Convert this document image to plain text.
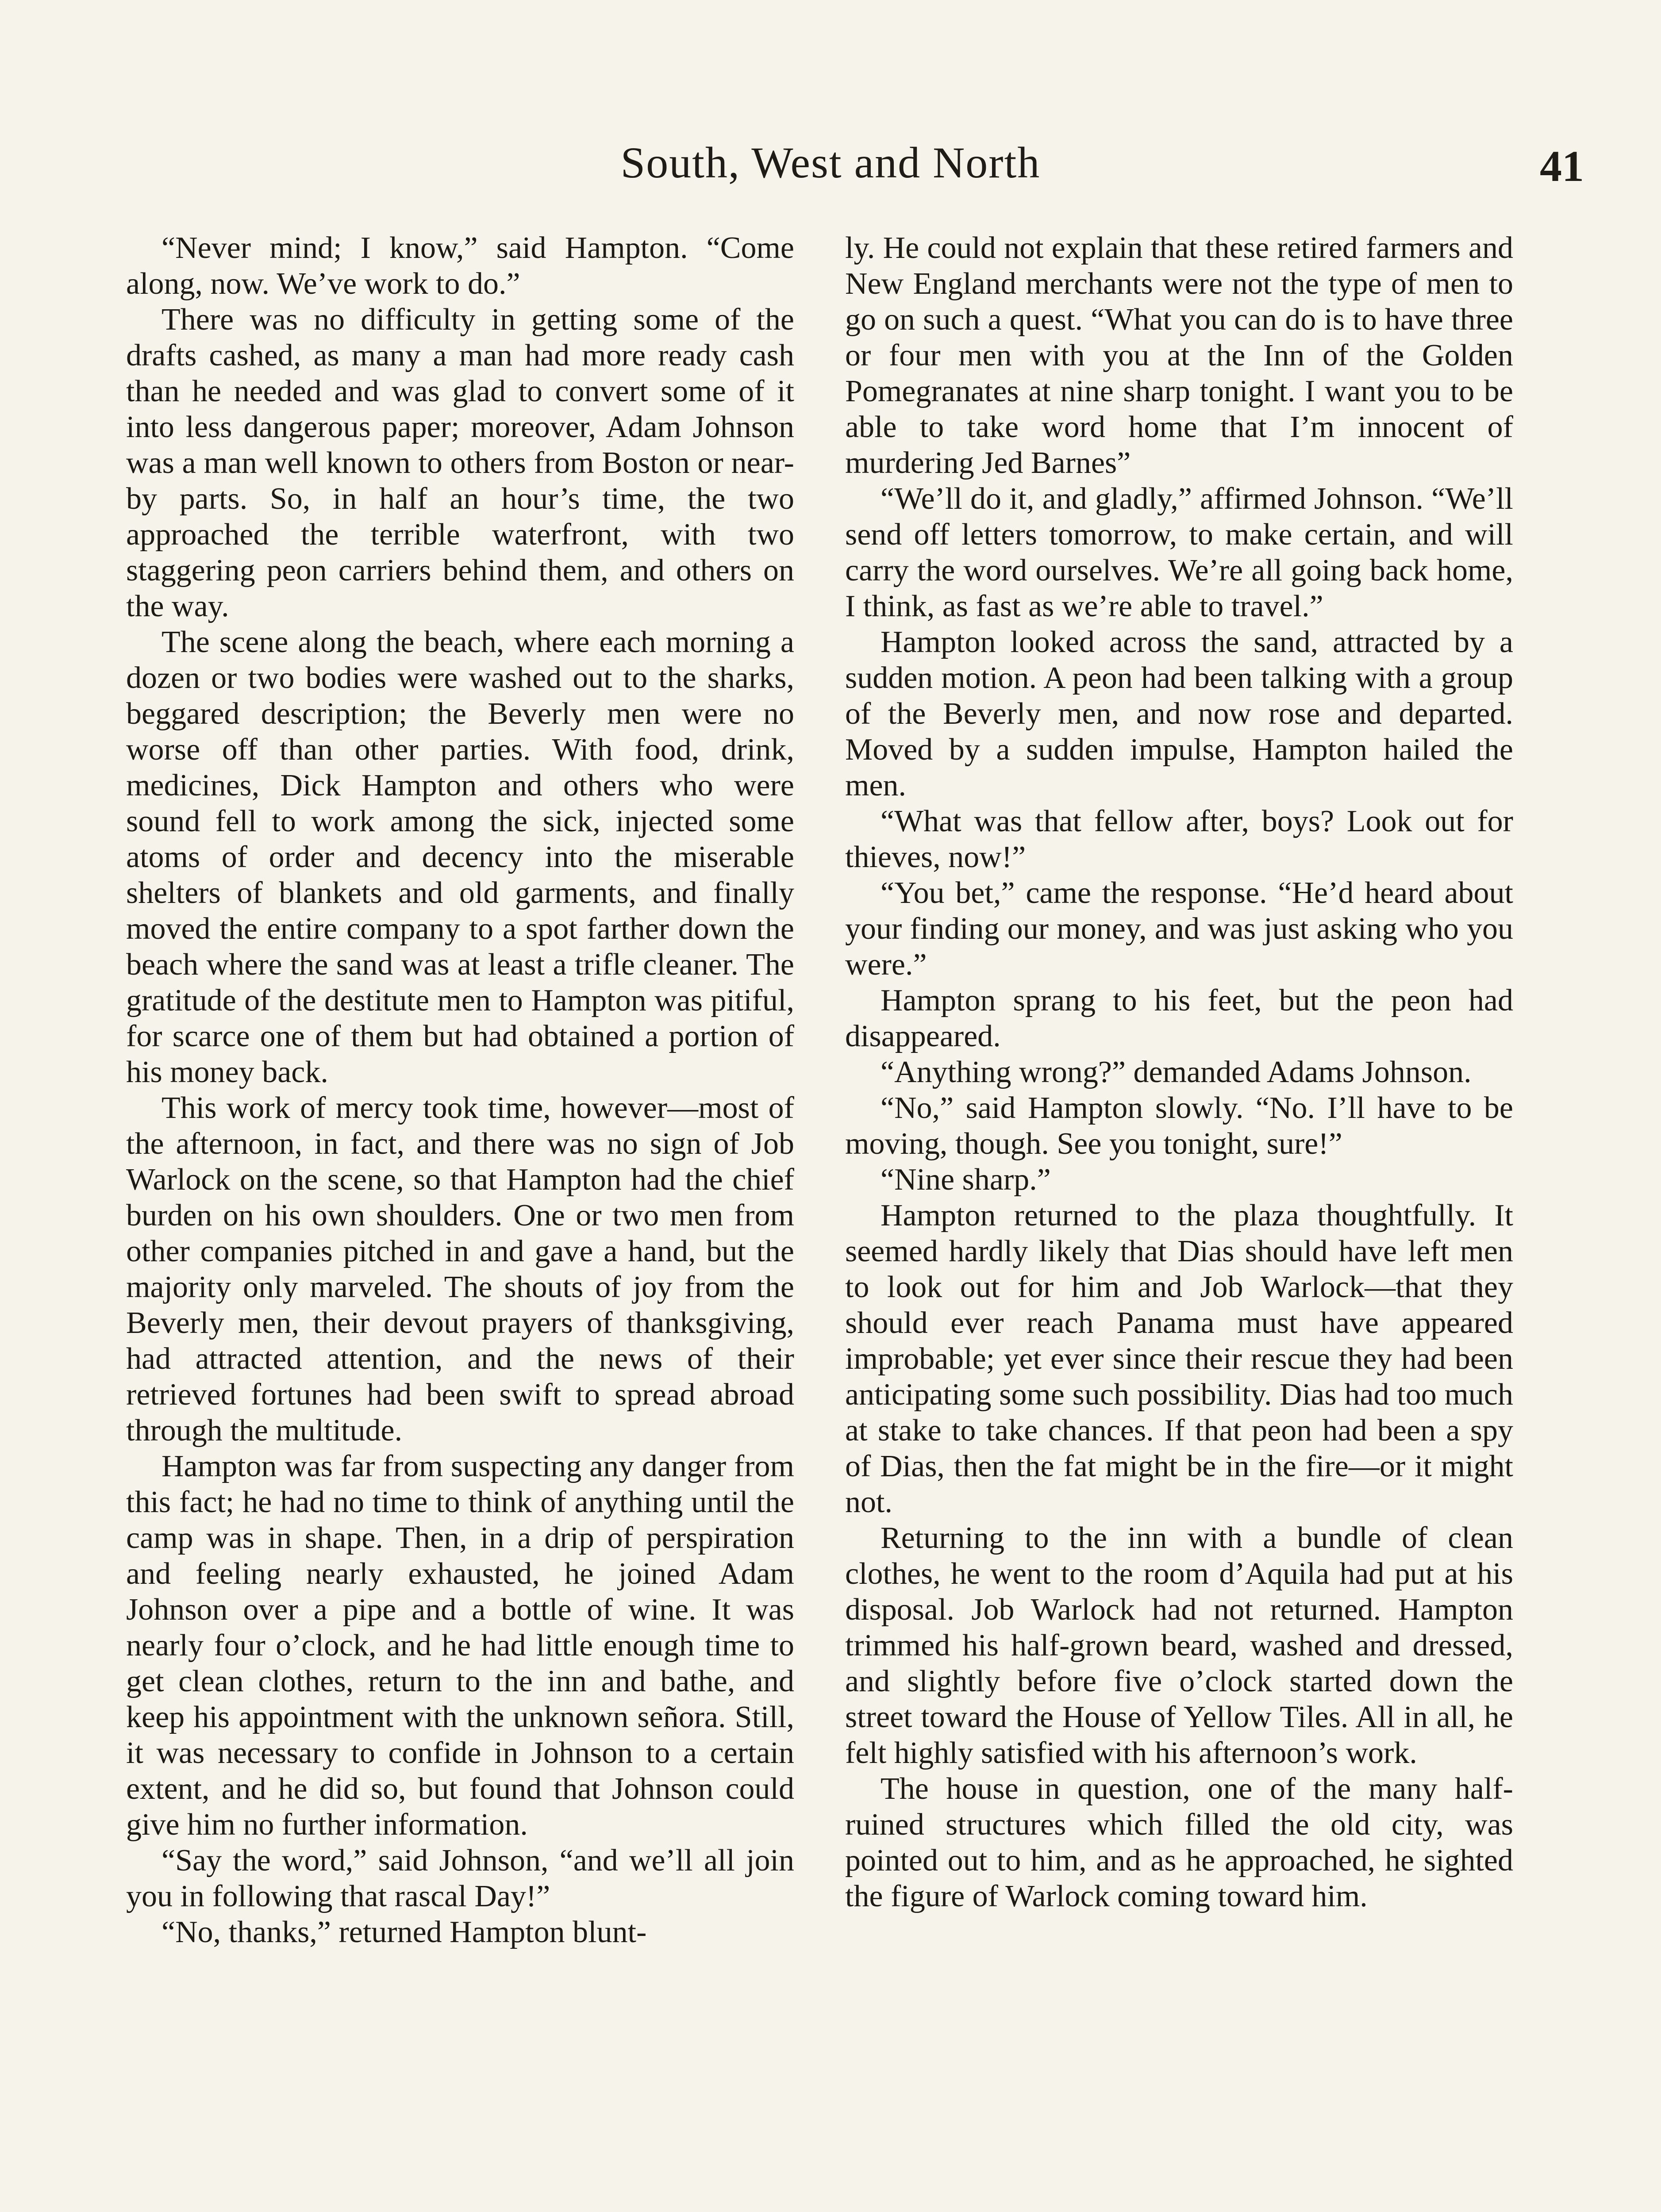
South, West and North	41

“Never mind; I know,” said Hampton. “Come along, now. We’ve work to do.”

There was no difficulty in getting some of the drafts cashed, as many a man had more ready cash than he needed and was glad to convert some of it into less dangerous paper; moreover, Adam Johnson was a man well known to others from Boston or near-by parts. So, in half an hour’s time, the two approached the terrible waterfront, with two staggering peon carriers behind them, and others on the way.

The scene along the beach, where each morning a dozen or two bodies were washed out to the sharks, beggared description; the Beverly men were no worse off than other parties. With food, drink, medicines, Dick Hampton and others who were sound fell to work among the sick, injected some atoms of order and decency into the miserable shelters of blankets and old garments, and finally moved the entire company to a spot farther down the beach where the sand was at least a trifle cleaner. The gratitude of the destitute men to Hampton was pitiful, for scarce one of them but had obtained a portion of his money back.

This work of mercy took time, however—most of the afternoon, in fact, and there was no sign of Job Warlock on the scene, so that Hampton had the chief burden on his own shoulders. One or two men from other companies pitched in and gave a hand, but the majority only marveled. The shouts of joy from the Beverly men, their devout prayers of thanksgiving, had attracted attention, and the news of their retrieved fortunes had been swift to spread abroad through the multitude.

Hampton was far from suspecting any danger from this fact; he had no time to think of anything until the camp was in shape. Then, in a drip of perspiration and feeling nearly exhausted, he joined Adam Johnson over a pipe and a bottle of wine. It was nearly four o’clock, and he had little enough time to get clean clothes, return to the inn and bathe, and keep his appointment with the unknown señora. Still, it was necessary to confide in Johnson to a certain extent, and he did so, but found that Johnson could give him no further information.

“Say the word,” said Johnson, “and we’ll all join you in following that rascal Day!”

“No, thanks,” returned Hampton blunt-

ly. He could not explain that these retired farmers and New England merchants were not the type of men to go on such a quest. “What you can do is to have three or four men with you at the Inn of the Golden Pomegranates at nine sharp tonight. I want you to be able to take word home that I’m innocent of murdering Jed Barnes”

“We’ll do it, and gladly,” affirmed Johnson. “We’ll send off letters tomorrow, to make certain, and will carry the word ourselves. We’re all going back home, I think, as fast as we’re able to travel.”

Hampton looked across the sand, attracted by a sudden motion. A peon had been talking with a group of the Beverly men, and now rose and departed. Moved by a sudden impulse, Hampton hailed the men.

“What was that fellow after, boys? Look out for thieves, now!”

“You bet,” came the response. “He’d heard about your finding our money, and was just asking who you were.”

Hampton sprang to his feet, but the peon had disappeared.

“Anything wrong?” demanded Adams Johnson.

“No,” said Hampton slowly. “No. I’ll have to be moving, though. See you tonight, sure!”

“Nine sharp.”

Hampton returned to the plaza thoughtfully. It seemed hardly likely that Dias should have left men to look out for him and Job Warlock—that they should ever reach Panama must have appeared improbable; yet ever since their rescue they had been anticipating some such possibility. Dias had too much at stake to take chances. If that peon had been a spy of Dias, then the fat might be in the fire—or it might not.

Returning to the inn with a bundle of clean clothes, he went to the room d’Aquila had put at his disposal. Job Warlock had not returned. Hampton trimmed his half-grown beard, washed and dressed, and slightly before five o’clock started down the street toward the House of Yellow Tiles. All in all, he felt highly satisfied with his afternoon’s work.

The house in question, one of the many half-ruined structures which filled the old city, was pointed out to him, and as he approached, he sighted the figure of Warlock coming toward him.
